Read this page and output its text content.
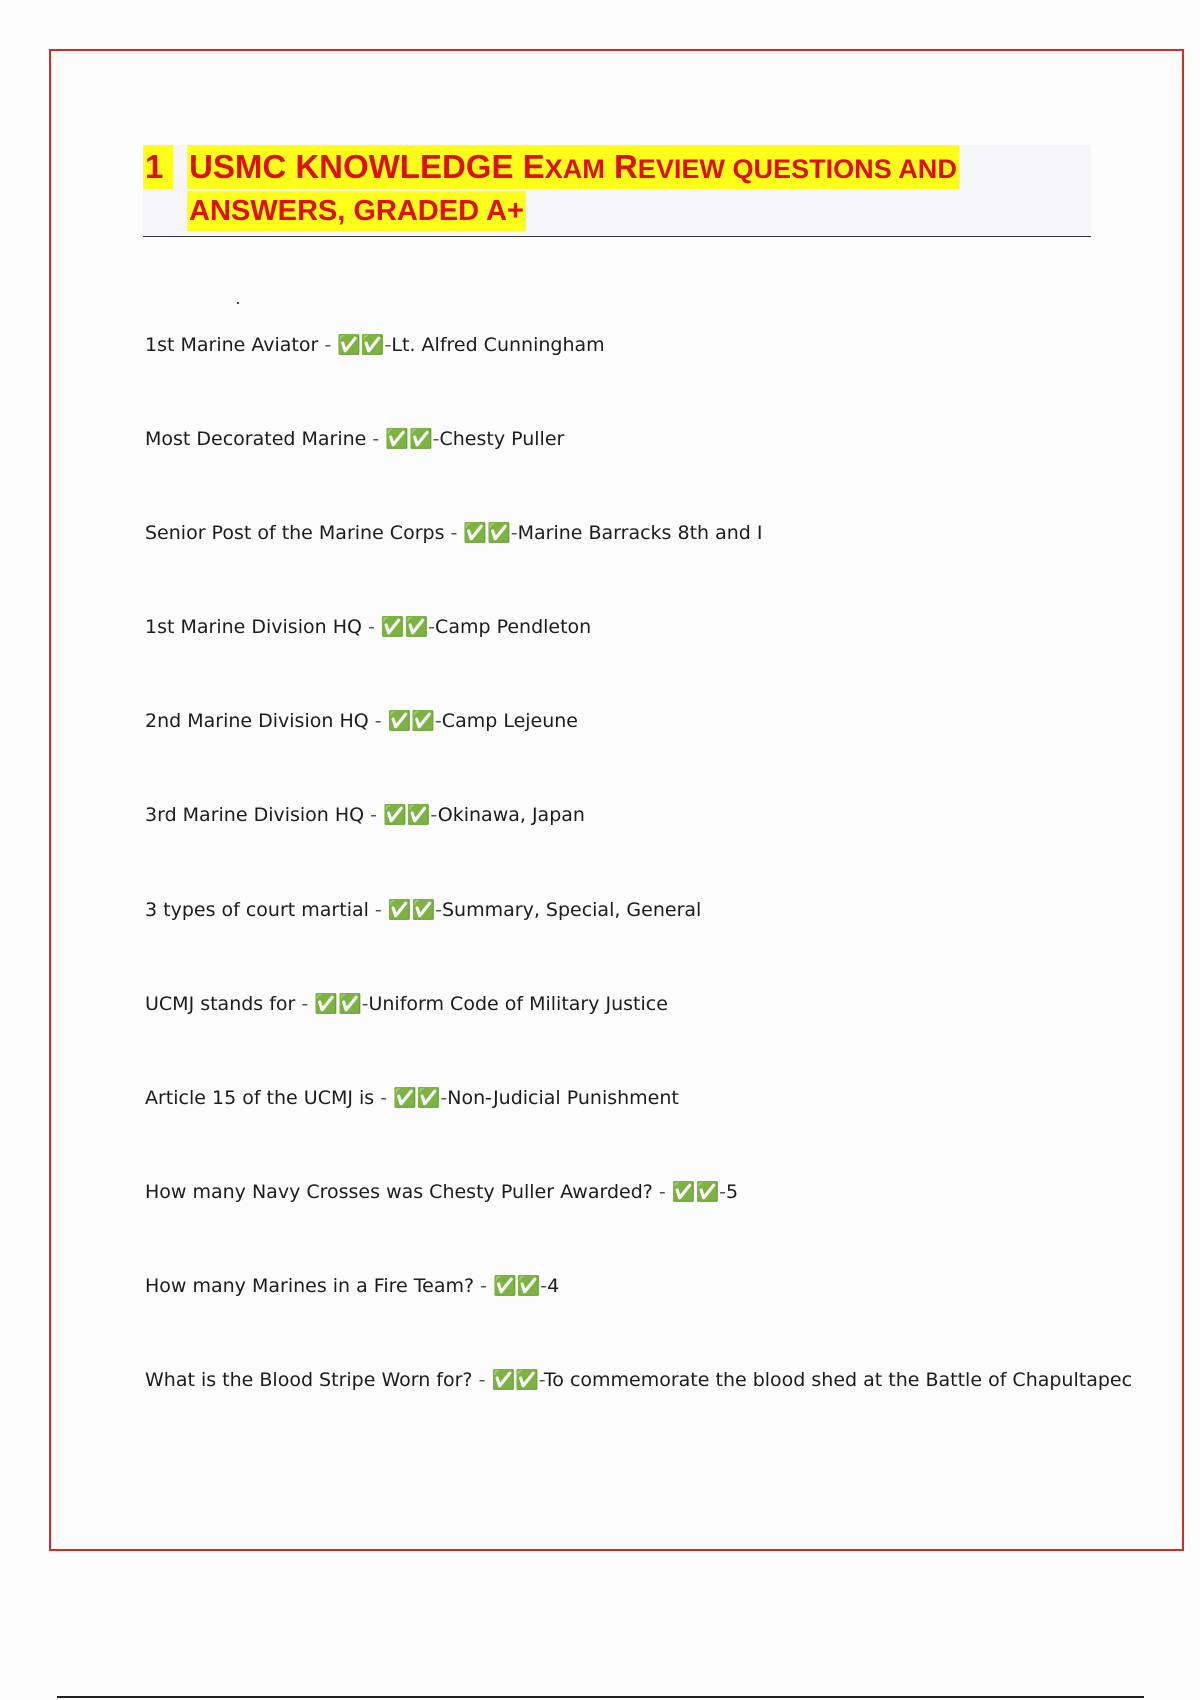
1 USMC KNOWLEDGE EXAM REVIEW QUESTIONS AND
ANSWERS, GRADED A+
1st Marine Aviator - ✅✅-Lt. Alfred Cunningham
Most Decorated Marine - ✅✅-Chesty Puller
Senior Post of the Marine Corps - ✅✅-Marine Barracks 8th and I
1st Marine Division HQ - ✅✅-Camp Pendleton
2nd Marine Division HQ - ✅✅-Camp Lejeune
3rd Marine Division HQ - ✅✅-Okinawa, Japan
3 types of court martial - ✅✅-Summary, Special, General
UCMJ stands for - ✅✅-Uniform Code of Military Justice
Article 15 of the UCMJ is - ✅✅-Non-Judicial Punishment
How many Navy Crosses was Chesty Puller Awarded? - ✅✅-5
How many Marines in a Fire Team? - ✅✅-4
What is the Blood Stripe Worn for? - ✅✅-To commemorate the blood shed at the Battle of Chapultapec
